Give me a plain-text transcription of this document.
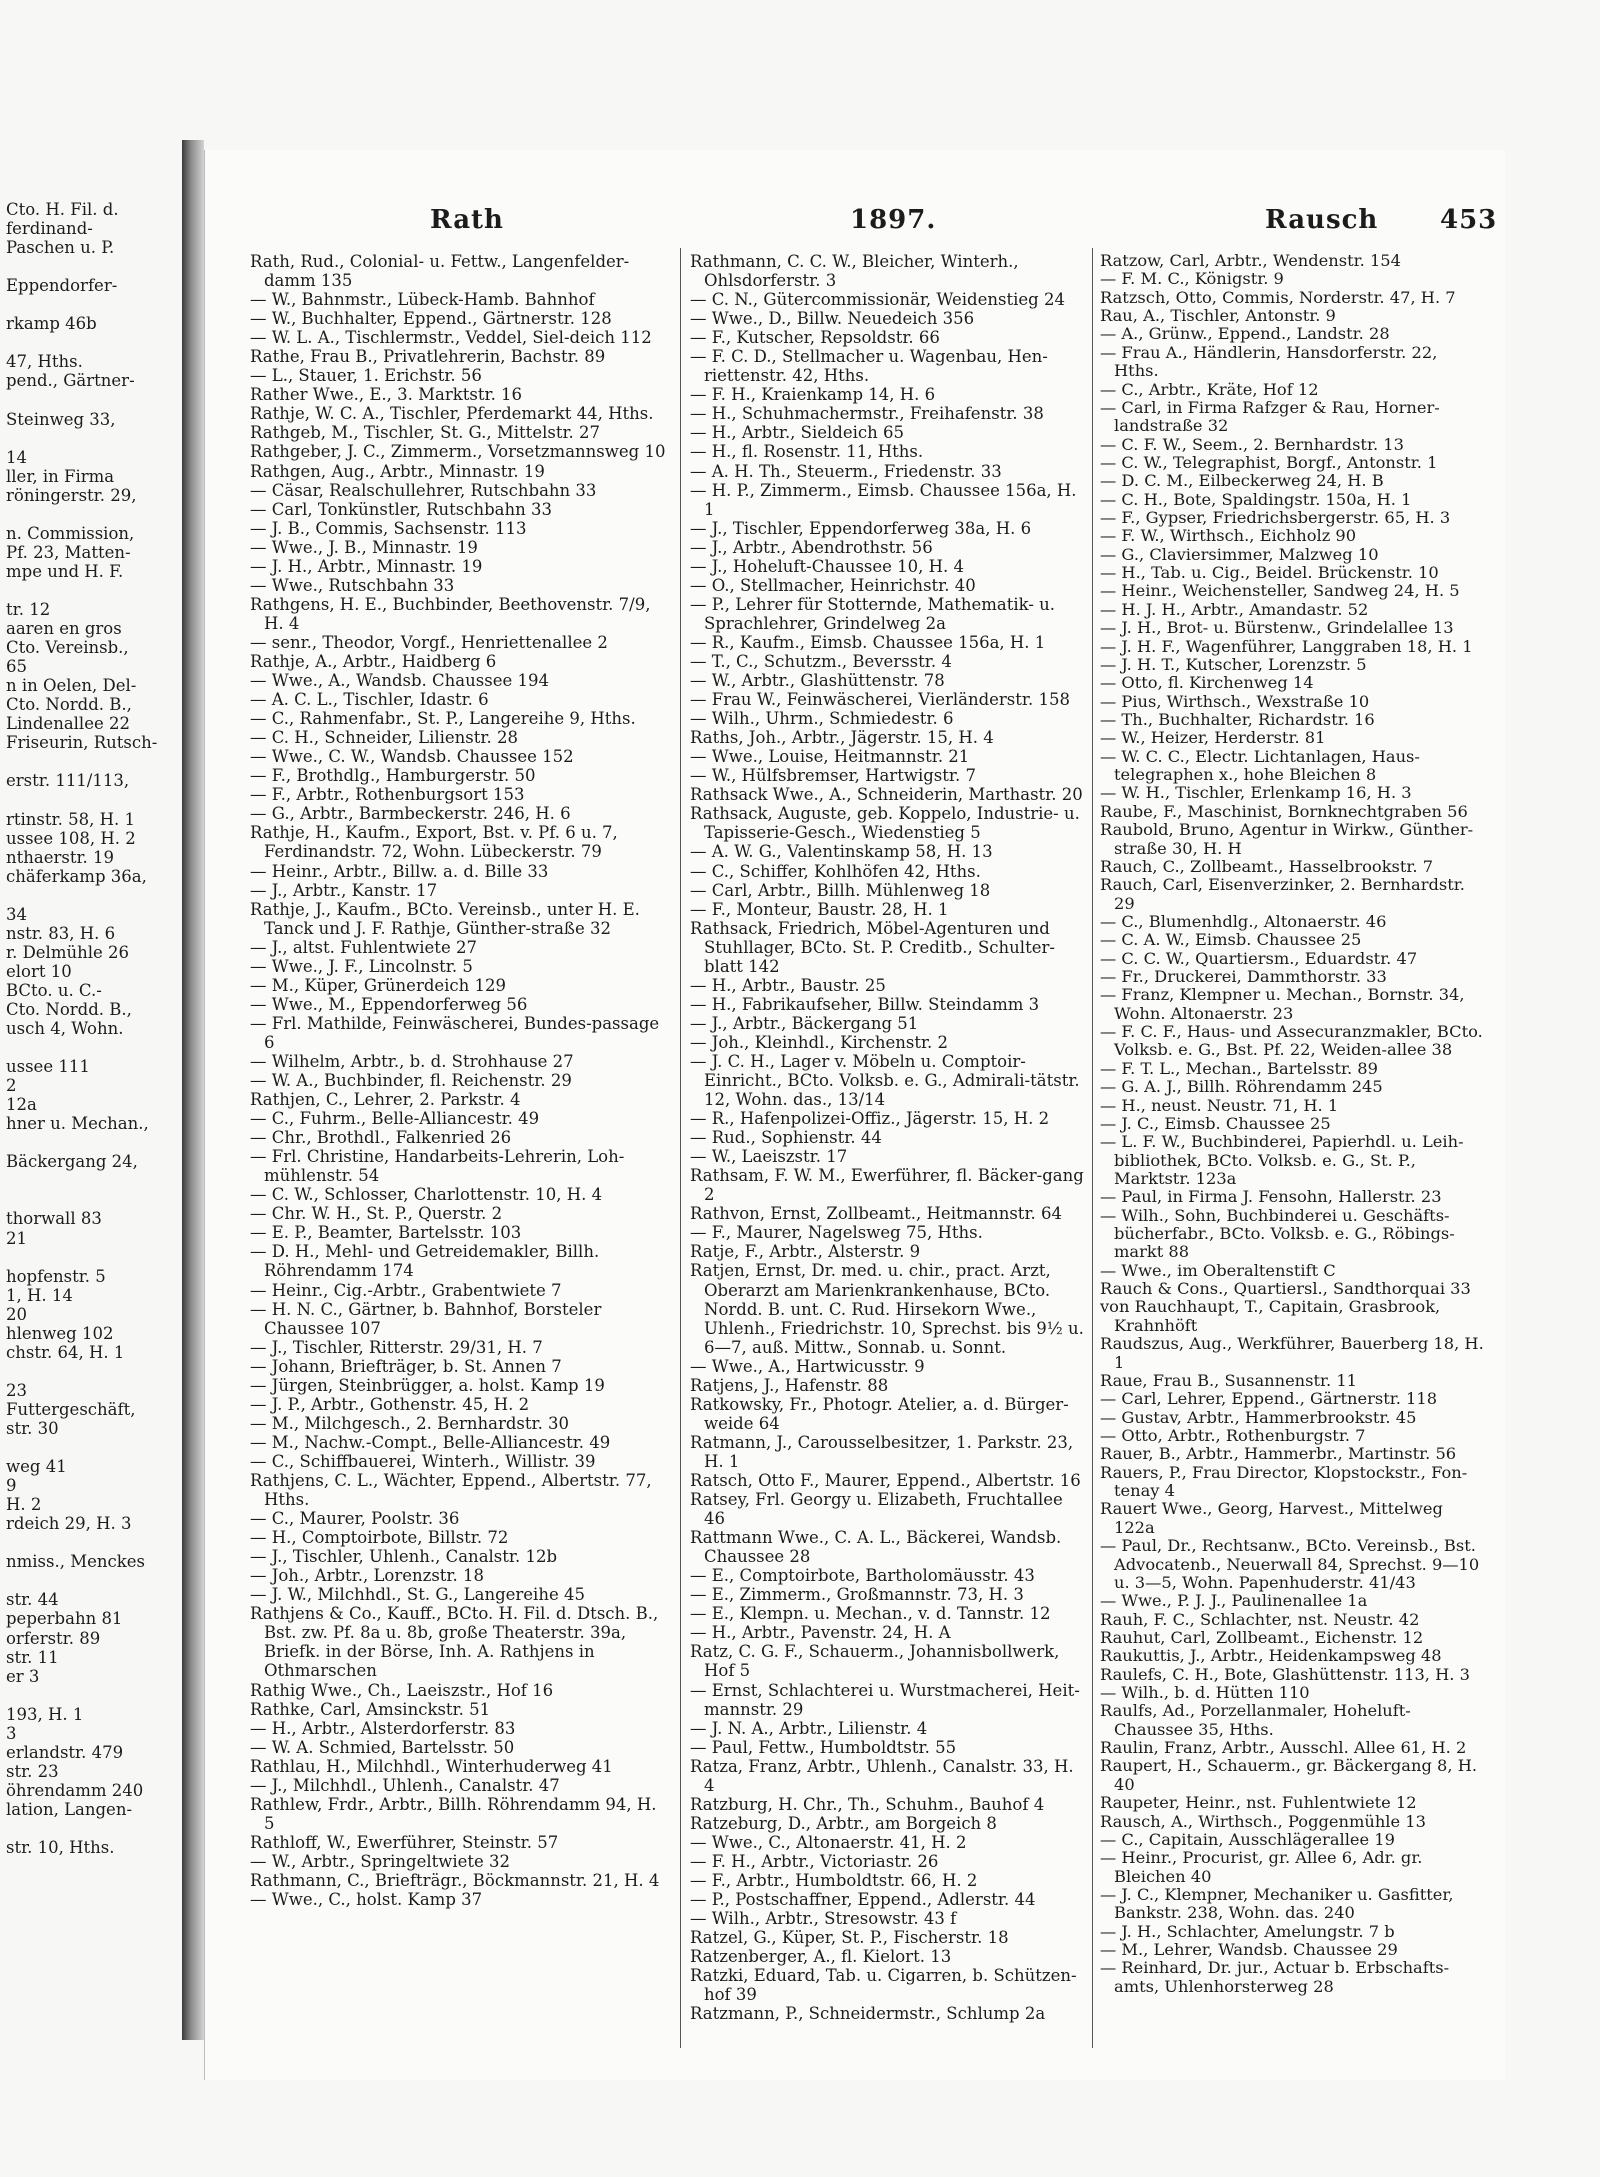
Cto. H. Fil. d.
ferdinand-
Paschen u. P.

Eppendorfer-

rkamp 46b

47, Hths.
pend., Gärtner-

Steinweg 33,

14
ller, in Firma
röningerstr. 29,

n. Commission,
Pf. 23, Matten-
mpe und H. F.

tr. 12
aaren en gros
Cto. Vereinsb.,
65
n in Oelen, Del-
Cto. Nordd. B.,
Lindenallee 22
Friseurin, Rutsch-

erstr. 111/113,

rtinstr. 58, H. 1
ussee 108, H. 2
nthaerstr. 19
chäferkamp 36a,

34
nstr. 83, H. 6
r. Delmühle 26
elort 10
BCto. u. C.-
Cto. Nordd. B.,
usch 4, Wohn.

ussee 111
2
12a
hner u. Mechan.,

Bäckergang 24,

thorwall 83
21

hopfenstr. 5
1, H. 14
20
hlenweg 102
chstr. 64, H. 1

23
Futtergeschäft,
str. 30

weg 41
9
H. 2
rdeich 29, H. 3

nmiss., Menckes

str. 44
peperbahn 81
orferstr. 89
str. 11
er 3

193, H. 1
3
erlandstr. 479
str. 23
öhrendamm 240
lation, Langen-

str. 10, Hths.
Rath	1897.	Rausch 453
Rath, Rud., Colonial- u. Fettw., Langenfelder-damm 135
— W., Bahnmstr., Lübeck-Hamb. Bahnhof
— W., Buchhalter, Eppend., Gärtnerstr. 128
— W. L. A., Tischlermstr., Veddel, Siel-deich 112
Rathe, Frau B., Privatlehrerin, Bachstr. 89
— L., Stauer, 1. Erichstr. 56
Rather Wwe., E., 3. Marktstr. 16
Rathje, W. C. A., Tischler, Pferdemarkt 44, Hths.
Rathgeb, M., Tischler, St. G., Mittelstr. 27
Rathgeber, J. C., Zimmerm., Vorsetzmannsweg 10
Rathgen, Aug., Arbtr., Minnastr. 19
— Cäsar, Realschullehrer, Rutschbahn 33
— Carl, Tonkünstler, Rutschbahn 33
— J. B., Commis, Sachsenstr. 113
— Wwe., J. B., Minnastr. 19
— J. H., Arbtr., Minnastr. 19
— Wwe., Rutschbahn 33
Rathgens, H. E., Buchbinder, Beethovenstr. 7/9, H. 4
— senr., Theodor, Vorgf., Henriettenallee 2
Rathje, A., Arbtr., Haidberg 6
— Wwe., A., Wandsb. Chaussee 194
— A. C. L., Tischler, Idastr. 6
— C., Rahmenfabr., St. P., Langereihe 9, Hths.
— C. H., Schneider, Lilienstr. 28
— Wwe., C. W., Wandsb. Chaussee 152
— F., Brothdlg., Hamburgerstr. 50
— F., Arbtr., Rothenburgsort 153
— G., Arbtr., Barmbeckerstr. 246, H. 6
Rathje, H., Kaufm., Export, Bst. v. Pf. 6 u. 7, Ferdinandstr. 72, Wohn. Lübeckerstr. 79
— Heinr., Arbtr., Billw. a. d. Bille 33
— J., Arbtr., Kanstr. 17
Rathje, J., Kaufm., BCto. Vereinsb., unter H. E. Tanck und J. F. Rathje, Günther-straße 32
— J., altst. Fuhlentwiete 27
— Wwe., J. F., Lincolnstr. 5
— M., Küper, Grünerdeich 129
— Wwe., M., Eppendorferweg 56
— Frl. Mathilde, Feinwäscherei, Bundes-passage 6
— Wilhelm, Arbtr., b. d. Strohhause 27
— W. A., Buchbinder, fl. Reichenstr. 29
Rathjen, C., Lehrer, 2. Parkstr. 4
— C., Fuhrm., Belle-Alliancestr. 49
— Chr., Brothdl., Falkenried 26
— Frl. Christine, Handarbeits-Lehrerin, Loh-mühlenstr. 54
— C. W., Schlosser, Charlottenstr. 10, H. 4
— Chr. W. H., St. P., Querstr. 2
— E. P., Beamter, Bartelsstr. 103
— D. H., Mehl- und Getreidemakler, Billh. Röhrendamm 174
— Heinr., Cig.-Arbtr., Grabentwiete 7
— H. N. C., Gärtner, b. Bahnhof, Borsteler Chaussee 107
— J., Tischler, Ritterstr. 29/31, H. 7
— Johann, Briefträger, b. St. Annen 7
— Jürgen, Steinbrügger, a. holst. Kamp 19
— J. P., Arbtr., Gothenstr. 45, H. 2
— M., Milchgesch., 2. Bernhardstr. 30
— M., Nachw.-Compt., Belle-Alliancestr. 49
— C., Schiffbauerei, Winterh., Willistr. 39
Rathjens, C. L., Wächter, Eppend., Albertstr. 77, Hths.
— C., Maurer, Poolstr. 36
— H., Comptoirbote, Billstr. 72
— J., Tischler, Uhlenh., Canalstr. 12b
— Joh., Arbtr., Lorenzstr. 18
— J. W., Milchhdl., St. G., Langereihe 45
Rathjens & Co., Kauff., BCto. H. Fil. d. Dtsch. B., Bst. zw. Pf. 8a u. 8b, große Theaterstr. 39a, Briefk. in der Börse, Inh. A. Rathjens in Othmarschen
Rathig Wwe., Ch., Laeiszstr., Hof 16
Rathke, Carl, Amsinckstr. 51
— H., Arbtr., Alsterdorferstr. 83
— W. A. Schmied, Bartelsstr. 50
Rathlau, H., Milchhdl., Winterhuderweg 41
— J., Milchhdl., Uhlenh., Canalstr. 47
Rathlew, Frdr., Arbtr., Billh. Röhrendamm 94, H. 5
Rathloff, W., Ewerführer, Steinstr. 57
— W., Arbtr., Springeltwiete 32
Rathmann, C., Briefträgr., Böckmannstr. 21, H. 4
— Wwe., C., holst. Kamp 37
Rathmann, C. C. W., Bleicher, Winterh., Ohlsdorferstr. 3
— C. N., Gütercommissionär, Weidenstieg 24
— Wwe., D., Billw. Neuedeich 356
— F., Kutscher, Repsoldstr. 66
— F. C. D., Stellmacher u. Wagenbau, Hen-riettenstr. 42, Hths.
— F. H., Kraienkamp 14, H. 6
— H., Schuhmachermstr., Freihafenstr. 38
— H., Arbtr., Sieldeich 65
— H., fl. Rosenstr. 11, Hths.
— A. H. Th., Steuerm., Friedenstr. 33
— H. P., Zimmerm., Eimsb. Chaussee 156a, H. 1
— J., Tischler, Eppendorferweg 38a, H. 6
— J., Arbtr., Abendrothstr. 56
— J., Hoheluft-Chaussee 10, H. 4
— O., Stellmacher, Heinrichstr. 40
— P., Lehrer für Stotternde, Mathematik- u. Sprachlehrer, Grindelweg 2a
— R., Kaufm., Eimsb. Chaussee 156a, H. 1
— T., C., Schutzm., Beversstr. 4
— W., Arbtr., Glashüttenstr. 78
— Frau W., Feinwäscherei, Vierländerstr. 158
— Wilh., Uhrm., Schmiedestr. 6
Raths, Joh., Arbtr., Jägerstr. 15, H. 4
— Wwe., Louise, Heitmannstr. 21
— W., Hülfsbremser, Hartwigstr. 7
Rathsack Wwe., A., Schneiderin, Marthastr. 20
Rathsack, Auguste, geb. Koppelo, Industrie- u. Tapisserie-Gesch., Wiedenstieg 5
— A. W. G., Valentinskamp 58, H. 13
— C., Schiffer, Kohlhöfen 42, Hths.
— Carl, Arbtr., Billh. Mühlenweg 18
— F., Monteur, Baustr. 28, H. 1
Rathsack, Friedrich, Möbel-Agenturen und Stuhllager, BCto. St. P. Creditb., Schulter-blatt 142
— H., Arbtr., Baustr. 25
— H., Fabrikaufseher, Billw. Steindamm 3
— J., Arbtr., Bäckergang 51
— Joh., Kleinhdl., Kirchenstr. 2
— J. C. H., Lager v. Möbeln u. Comptoir-Einricht., BCto. Volksb. e. G., Admirali-tätstr. 12, Wohn. das., 13/14
— R., Hafenpolizei-Offiz., Jägerstr. 15, H. 2
— Rud., Sophienstr. 44
— W., Laeiszstr. 17
Rathsam, F. W. M., Ewerführer, fl. Bäcker-gang 2
Rathvon, Ernst, Zollbeamt., Heitmannstr. 64
— F., Maurer, Nagelsweg 75, Hths.
Ratje, F., Arbtr., Alsterstr. 9
Ratjen, Ernst, Dr. med. u. chir., pract. Arzt, Oberarzt am Marienkrankenhause, BCto. Nordd. B. unt. C. Rud. Hirsekorn Wwe., Uhlenh., Friedrichstr. 10, Sprechst. bis 9½ u. 6—7, auß. Mittw., Sonnab. u. Sonnt.
— Wwe., A., Hartwicusstr. 9
Ratjens, J., Hafenstr. 88
Ratkowsky, Fr., Photogr. Atelier, a. d. Bürger-weide 64
Ratmann, J., Carousselbesitzer, 1. Parkstr. 23, H. 1
Ratsch, Otto F., Maurer, Eppend., Albertstr. 16
Ratsey, Frl. Georgy u. Elizabeth, Fruchtallee 46
Rattmann Wwe., C. A. L., Bäckerei, Wandsb. Chaussee 28
— E., Comptoirbote, Bartholomäusstr. 43
— E., Zimmerm., Großmannstr. 73, H. 3
— E., Klempn. u. Mechan., v. d. Tannstr. 12
— H., Arbtr., Pavenstr. 24, H. A
Ratz, C. G. F., Schauerm., Johannisbollwerk, Hof 5
— Ernst, Schlachterei u. Wurstmacherei, Heit-mannstr. 29
— J. N. A., Arbtr., Lilienstr. 4
— Paul, Fettw., Humboldtstr. 55
Ratza, Franz, Arbtr., Uhlenh., Canalstr. 33, H. 4
Ratzburg, H. Chr., Th., Schuhm., Bauhof 4
Ratzeburg, D., Arbtr., am Borgeich 8
— Wwe., C., Altonaerstr. 41, H. 2
— F. H., Arbtr., Victoriastr. 26
— F., Arbtr., Humboldtstr. 66, H. 2
— P., Postschaffner, Eppend., Adlerstr. 44
— Wilh., Arbtr., Stresowstr. 43 f
Ratzel, G., Küper, St. P., Fischerstr. 18
Ratzenberger, A., fl. Kielort. 13
Ratzki, Eduard, Tab. u. Cigarren, b. Schützen-hof 39
Ratzmann, P., Schneidermstr., Schlump 2a
Ratzow, Carl, Arbtr., Wendenstr. 154
— F. M. C., Königstr. 9
Ratzsch, Otto, Commis, Norderstr. 47, H. 7
Rau, A., Tischler, Antonstr. 9
— A., Grünw., Eppend., Landstr. 28
— Frau A., Händlerin, Hansdorferstr. 22, Hths.
— C., Arbtr., Kräte, Hof 12
— Carl, in Firma Rafzger & Rau, Horner-landstraße 32
— C. F. W., Seem., 2. Bernhardstr. 13
— C. W., Telegraphist, Borgf., Antonstr. 1
— D. C. M., Eilbeckerweg 24, H. B
— C. H., Bote, Spaldingstr. 150a, H. 1
— F., Gypser, Friedrichsbergerstr. 65, H. 3
— F. W., Wirthsch., Eichholz 90
— G., Claviersimmer, Malzweg 10
— H., Tab. u. Cig., Beidel. Brückenstr. 10
— Heinr., Weichensteller, Sandweg 24, H. 5
— H. J. H., Arbtr., Amandastr. 52
— J. H., Brot- u. Bürstenw., Grindelallee 13
— J. H. F., Wagenführer, Langgraben 18, H. 1
— J. H. T., Kutscher, Lorenzstr. 5
— Otto, fl. Kirchenweg 14
— Pius, Wirthsch., Wexstraße 10
— Th., Buchhalter, Richardstr. 16
— W., Heizer, Herderstr. 81
— W. C. C., Electr. Lichtanlagen, Haus-telegraphen x., hohe Bleichen 8
— W. H., Tischler, Erlenkamp 16, H. 3
Raube, F., Maschinist, Bornknechtgraben 56
Raubold, Bruno, Agentur in Wirkw., Günther-straße 30, H. H
Rauch, C., Zollbeamt., Hasselbrookstr. 7
Rauch, Carl, Eisenverzinker, 2. Bernhardstr. 29
— C., Blumenhdlg., Altonaerstr. 46
— C. A. W., Eimsb. Chaussee 25
— C. C. W., Quartiersm., Eduardstr. 47
— Fr., Druckerei, Dammthorstr. 33
— Franz, Klempner u. Mechan., Bornstr. 34, Wohn. Altonaerstr. 23
— F. C. F., Haus- und Assecuranzmakler, BCto. Volksb. e. G., Bst. Pf. 22, Weiden-allee 38
— F. T. L., Mechan., Bartelsstr. 89
— G. A. J., Billh. Röhrendamm 245
— H., neust. Neustr. 71, H. 1
— J. C., Eimsb. Chaussee 25
— L. F. W., Buchbinderei, Papierhdl. u. Leih-bibliothek, BCto. Volksb. e. G., St. P., Marktstr. 123a
— Paul, in Firma J. Fensohn, Hallerstr. 23
— Wilh., Sohn, Buchbinderei u. Geschäfts-bücherfabr., BCto. Volksb. e. G., Röbings-markt 88
— Wwe., im Oberaltenstift C
Rauch & Cons., Quartiersl., Sandthorquai 33
von Rauchhaupt, T., Capitain, Grasbrook, Krahnhöft
Raudszus, Aug., Werkführer, Bauerberg 18, H. 1
Raue, Frau B., Susannenstr. 11
— Carl, Lehrer, Eppend., Gärtnerstr. 118
— Gustav, Arbtr., Hammerbrookstr. 45
— Otto, Arbtr., Rothenburgstr. 7
Rauer, B., Arbtr., Hammerbr., Martinstr. 56
Rauers, P., Frau Director, Klopstockstr., Fon-tenay 4
Rauert Wwe., Georg, Harvest., Mittelweg 122a
— Paul, Dr., Rechtsanw., BCto. Vereinsb., Bst. Advocatenb., Neuerwall 84, Sprechst. 9—10 u. 3—5, Wohn. Papenhuderstr. 41/43
— Wwe., P. J. J., Paulinenallee 1a
Rauh, F. C., Schlachter, nst. Neustr. 42
Rauhut, Carl, Zollbeamt., Eichenstr. 12
Raukuttis, J., Arbtr., Heidenkampsweg 48
Raulefs, C. H., Bote, Glashüttenstr. 113, H. 3
— Wilh., b. d. Hütten 110
Raulfs, Ad., Porzellanmaler, Hoheluft-Chaussee 35, Hths.
Raulin, Franz, Arbtr., Ausschl. Allee 61, H. 2
Raupert, H., Schauerm., gr. Bäckergang 8, H. 40
Raupeter, Heinr., nst. Fuhlentwiete 12
Rausch, A., Wirthsch., Poggenmühle 13
— C., Capitain, Ausschlägerallee 19
— Heinr., Procurist, gr. Allee 6, Adr. gr. Bleichen 40
— J. C., Klempner, Mechaniker u. Gasfitter, Bankstr. 238, Wohn. das. 240
— J. H., Schlachter, Amelungstr. 7 b
— M., Lehrer, Wandsb. Chaussee 29
— Reinhard, Dr. jur., Actuar b. Erbschafts-amts, Uhlenhorsterweg 28
